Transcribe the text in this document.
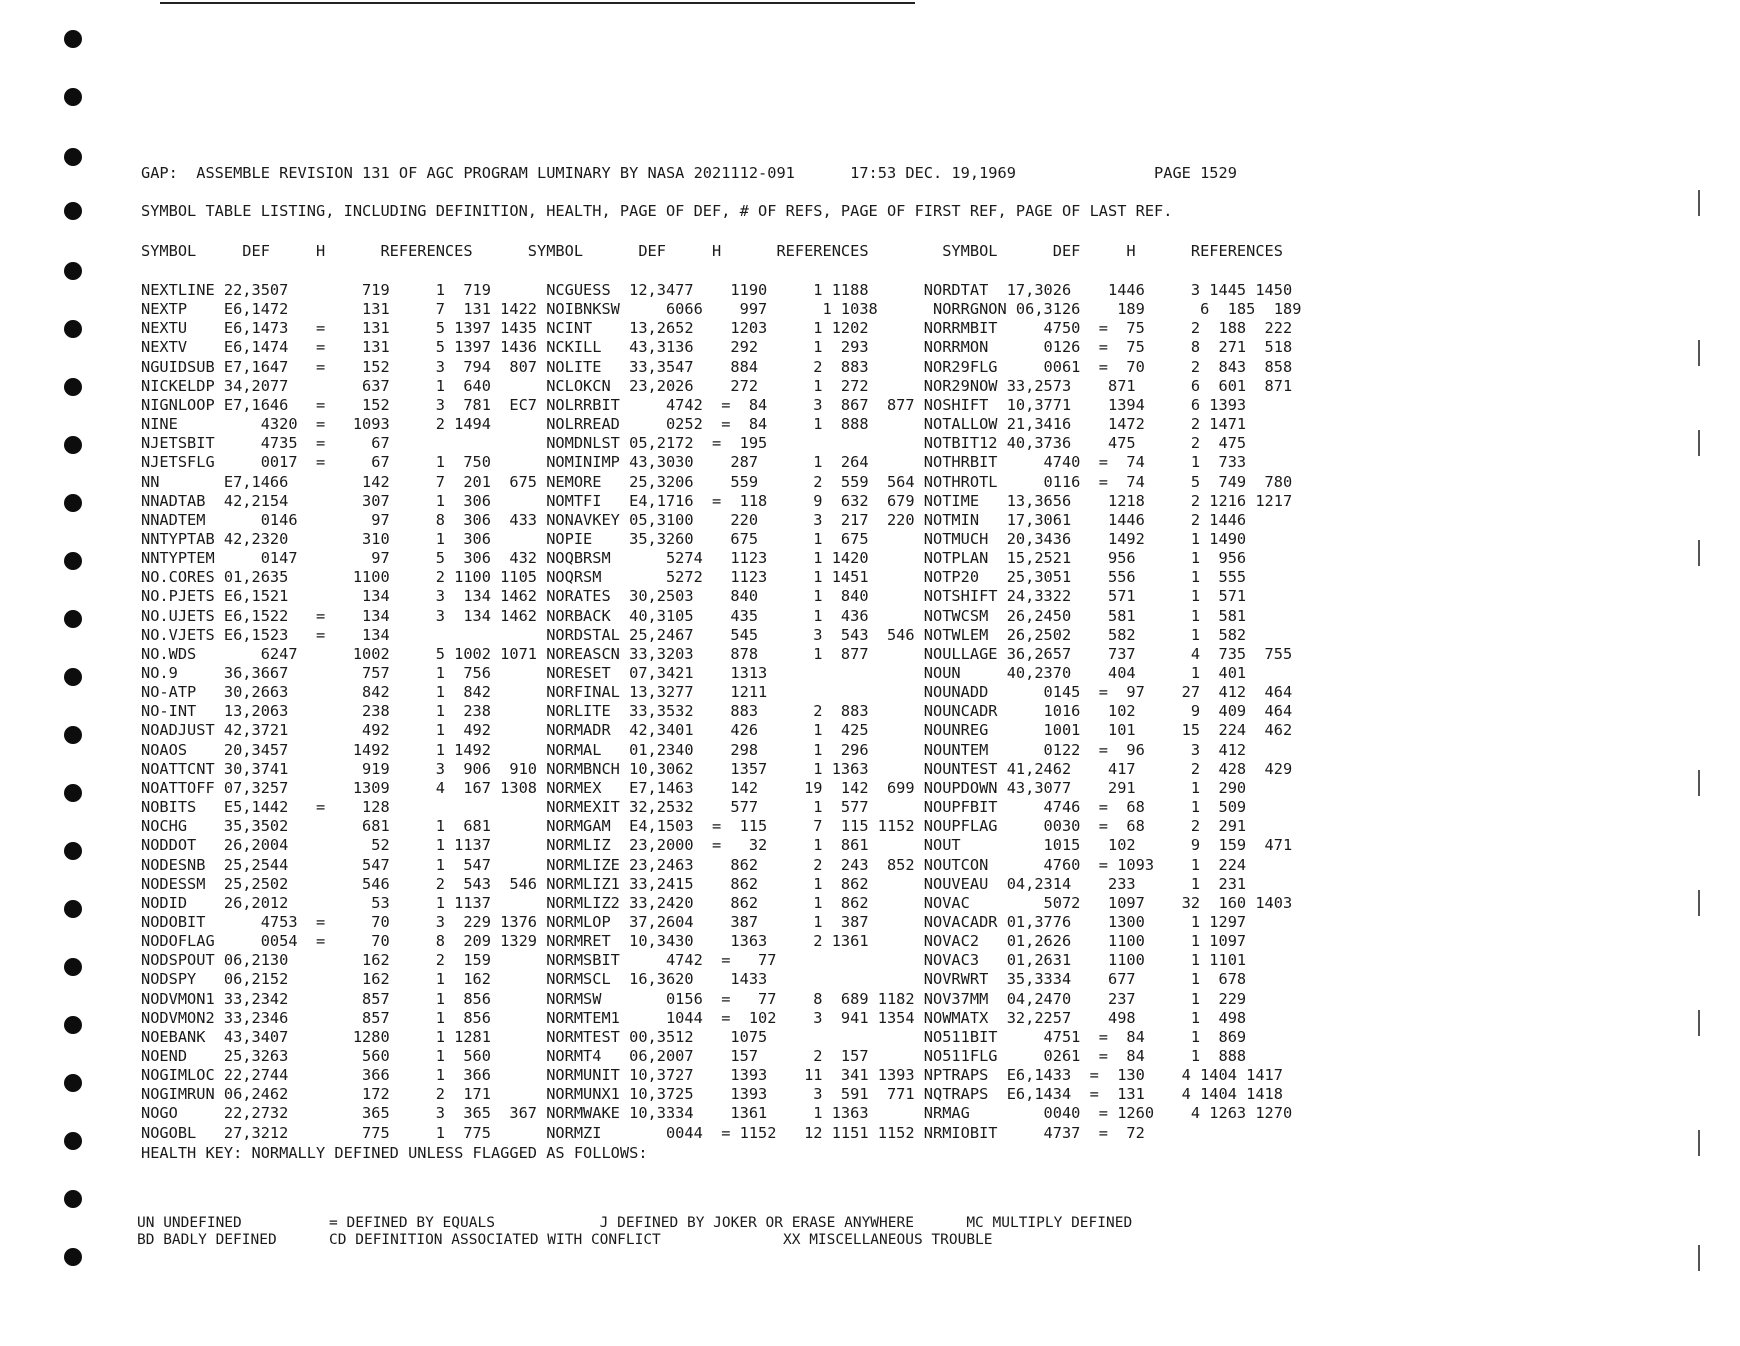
GAP:  ASSEMBLE REVISION 131 OF AGC PROGRAM LUMINARY BY NASA 2021112-091      17:53 DEC. 19,1969               PAGE 1529
SYMBOL TABLE LISTING, INCLUDING DEFINITION, HEALTH, PAGE OF DEF, # OF REFS, PAGE OF FIRST REF, PAGE OF LAST REF.
SYMBOL     DEF     H      REFERENCES      SYMBOL      DEF     H      REFERENCES        SYMBOL      DEF     H      REFERENCES
NEXTLINE 22,3507        719     1  719      NCGUESS  12,3477    1190     1 1188      NORDTAT  17,3026    1446     3 1445 1450
NEXTP    E6,1472        131     7  131 1422 NOIBNKSW     6066    997      1 1038      NORRGNON 06,3126    189      6  185  189
NEXTU    E6,1473   =    131     5 1397 1435 NCINT    13,2652    1203     1 1202      NORRMBIT     4750  =  75     2  188  222
NEXTV    E6,1474   =    131     5 1397 1436 NCKILL   43,3136    292      1  293      NORRMON      0126  =  75     8  271  518
NGUIDSUB E7,1647   =    152     3  794  807 NOLITE   33,3547    884      2  883      NOR29FLG     0061  =  70     2  843  858
NICKELDP 34,2077        637     1  640      NCLOKCN  23,2026    272      1  272      NOR29NOW 33,2573    871      6  601  871
NIGNLOOP E7,1646   =    152     3  781  EC7 NOLRRBIT     4742  =  84     3  867  877 NOSHIFT  10,3771    1394     6 1393
NINE         4320  =   1093     2 1494      NOLRREAD     0252  =  84     1  888      NOTALLOW 21,3416    1472     2 1471
NJETSBIT     4735  =     67                 NOMDNLST 05,2172  =  195                 NOTBIT12 40,3736    475      2  475
NJETSFLG     0017  =     67     1  750      NOMINIMP 43,3030    287      1  264      NOTHRBIT     4740  =  74     1  733
NN       E7,1466        142     7  201  675 NEMORE   25,3206    559      2  559  564 NOTHROTL     0116  =  74     5  749  780
NNADTAB  42,2154        307     1  306      NOMTFI   E4,1716  =  118     9  632  679 NOTIME   13,3656    1218     2 1216 1217
NNADTEM      0146        97     8  306  433 NONAVKEY 05,3100    220      3  217  220 NOTMIN   17,3061    1446     2 1446
NNTYPTAB 42,2320        310     1  306      NOPIE    35,3260    675      1  675      NOTMUCH  20,3436    1492     1 1490
NNTYPTEM     0147        97     5  306  432 NOQBRSM      5274   1123     1 1420      NOTPLAN  15,2521    956      1  956
NO.CORES 01,2635       1100     2 1100 1105 NOQRSM       5272   1123     1 1451      NOTP20   25,3051    556      1  555
NO.PJETS E6,1521        134     3  134 1462 NORATES  30,2503    840      1  840      NOTSHIFT 24,3322    571      1  571
NO.UJETS E6,1522   =    134     3  134 1462 NORBACK  40,3105    435      1  436      NOTWCSM  26,2450    581      1  581
NO.VJETS E6,1523   =    134                 NORDSTAL 25,2467    545      3  543  546 NOTWLEM  26,2502    582      1  582
NO.WDS       6247      1002     5 1002 1071 NOREASCN 33,3203    878      1  877      NOULLAGE 36,2657    737      4  735  755
NO.9     36,3667        757     1  756      NORESET  07,3421    1313                 NOUN     40,2370    404      1  401
NO-ATP   30,2663        842     1  842      NORFINAL 13,3277    1211                 NOUNADD      0145  =  97    27  412  464
NO-INT   13,2063        238     1  238      NORLITE  33,3532    883      2  883      NOUNCADR     1016   102      9  409  464
NOADJUST 42,3721        492     1  492      NORMADR  42,3401    426      1  425      NOUNREG      1001   101     15  224  462
NOAOS    20,3457       1492     1 1492      NORMAL   01,2340    298      1  296      NOUNTEM      0122  =  96     3  412
NOATTCNT 30,3741        919     3  906  910 NORMBNCH 10,3062    1357     1 1363      NOUNTEST 41,2462    417      2  428  429
NOATTOFF 07,3257       1309     4  167 1308 NORMEX   E7,1463    142     19  142  699 NOUPDOWN 43,3077    291      1  290
NOBITS   E5,1442   =    128                 NORMEXIT 32,2532    577      1  577      NOUPFBIT     4746  =  68     1  509
NOCHG    35,3502        681     1  681      NORMGAM  E4,1503  =  115     7  115 1152 NOUPFLAG     0030  =  68     2  291
NODDOT   26,2004         52     1 1137      NORMLIZ  23,2000  =   32     1  861      NOUT         1015   102      9  159  471
NODESNB  25,2544        547     1  547      NORMLIZE 23,2463    862      2  243  852 NOUTCON      4760  = 1093    1  224
NODESSM  25,2502        546     2  543  546 NORMLIZ1 33,2415    862      1  862      NOUVEAU  04,2314    233      1  231
NODID    26,2012         53     1 1137      NORMLIZ2 33,2420    862      1  862      NOVAC        5072   1097    32  160 1403
NODOBIT      4753  =     70     3  229 1376 NORMLOP  37,2604    387      1  387      NOVACADR 01,3776    1300     1 1297
NODOFLAG     0054  =     70     8  209 1329 NORMRET  10,3430    1363     2 1361      NOVAC2   01,2626    1100     1 1097
NODSPOUT 06,2130        162     2  159      NORMSBIT     4742  =   77                NOVAC3   01,2631    1100     1 1101
NODSPY   06,2152        162     1  162      NORMSCL  16,3620    1433                 NOVRWRT  35,3334    677      1  678
NODVMON1 33,2342        857     1  856      NORMSW       0156  =   77    8  689 1182 NOV37MM  04,2470    237      1  229
NODVMON2 33,2346        857     1  856      NORMTEM1     1044  =  102    3  941 1354 NOWMATX  32,2257    498      1  498
NOEBANK  43,3407       1280     1 1281      NORMTEST 00,3512    1075                 NO511BIT     4751  =  84     1  869
NOEND    25,3263        560     1  560      NORMT4   06,2007    157      2  157      NO511FLG     0261  =  84     1  888
NOGIMLOC 22,2744        366     1  366      NORMUNIT 10,3727    1393    11  341 1393 NPTRAPS  E6,1433  =  130    4 1404 1417
NOGIMRUN 06,2462        172     2  171      NORMUNX1 10,3725    1393     3  591  771 NQTRAPS  E6,1434  =  131    4 1404 1418
NOGO     22,2732        365     3  365  367 NORMWAKE 10,3334    1361     1 1363      NRMAG        0040  = 1260    4 1263 1270
NOGOBL   27,3212        775     1  775      NORMZI       0044  = 1152   12 1151 1152 NRMIOBIT     4737  =  72
HEALTH KEY: NORMALLY DEFINED UNLESS FLAGGED AS FOLLOWS:
UN UNDEFINED          = DEFINED BY EQUALS            J DEFINED BY JOKER OR ERASE ANYWHERE      MC MULTIPLY DEFINED
BD BADLY DEFINED      CD DEFINITION ASSOCIATED WITH CONFLICT              XX MISCELLANEOUS TROUBLE
